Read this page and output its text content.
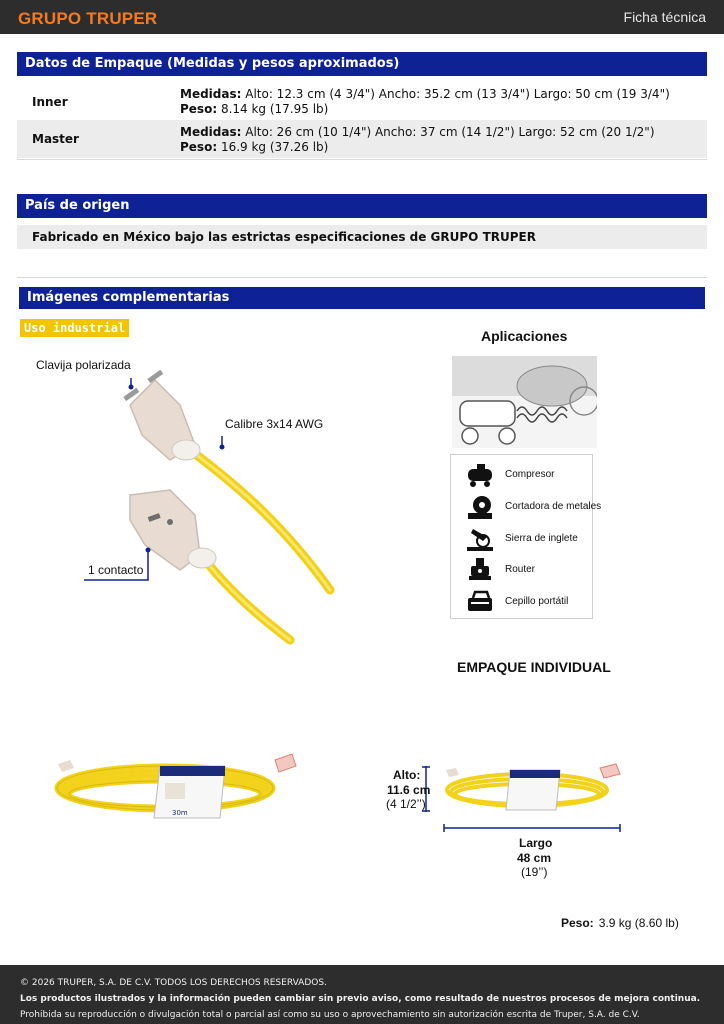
GRUPO TRUPER	Ficha técnica
Datos de Empaque (Medidas y pesos aproximados)
Inner
Medidas: Alto: 12.3 cm (4 3/4") Ancho: 35.2 cm (13 3/4") Largo: 50 cm (19 3/4") Peso: 8.14 kg (17.95 lb)
Master	Medidas: Alto: 26 cm (10 1/4") Ancho: 37 cm (14 1/2") Largo: 52 cm (20 1/2") Peso: 16.9 kg (37.26 lb)
País de origen
Fabricado en México bajo las estrictas especificaciones de GRUPO TRUPER
Imágenes complementarias
Uso industrial
Clavija polarizada
Calibre 3x14 AWG
1 contacto
Aplicaciones
Compresor
Cortadora de metales
Sierra de inglete
Router
Cepillo portátil
EMPAQUE INDIVIDUAL
30m
Alto:
11.6 cm
(4 1/2’’)
Largo
48 cm
(19’’)
Peso: 3.9 kg (8.60 lb)
© 2026 TRUPER, S.A. DE C.V. TODOS LOS DERECHOS RESERVADOS.
Los productos ilustrados y la información pueden cambiar sin previo aviso, como resultado de nuestros procesos de mejora continua.
Prohibida su reproducción o divulgación total o parcial así como su uso o aprovechamiento sin autorización escrita de Truper, S.A. de C.V.
